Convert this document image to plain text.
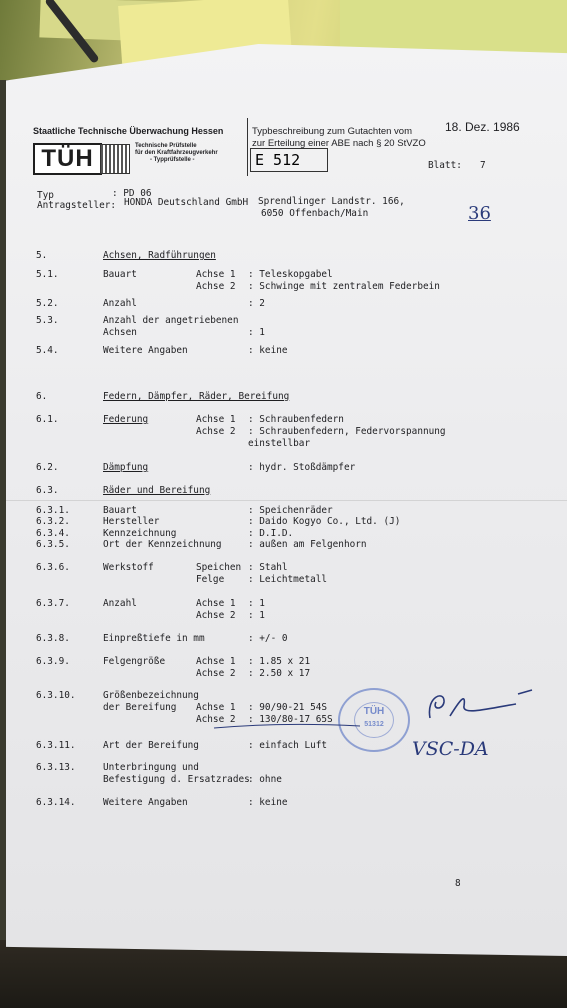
Staatliche Technische Überwachung Hessen
TÜH	Technische Prüfstelle
für den Kraftfahrzeugverkehr
- Typprüfstelle -
Typbeschreibung zum Gutachten vom	18. Dez. 1986
zur Erteilung einer ABE nach § 20 StVZO
E 512	Blatt: 7
Typ	: PD 06
Antragsteller: HONDA Deutschland GmbH Sprendlinger Landstr. 166,
6050 Offenbach/Main	36
5.	Achsen, Radführungen
5.1.	Bauart	Achse 1 : Teleskopgabel
Achse 2 : Schwinge mit zentralem Federbein
5.2.	Anzahl	: 2
5.3.	Anzahl der angetriebenen
Achsen	: 1
5.4.	Weitere Angaben	: keine
6.	Federn, Dämpfer, Räder, Bereifung
6.1.	Federung	Achse 1 : Schraubenfedern
Achse 2 : Schraubenfedern, Federvorspannung
einstellbar
6.2.	Dämpfung	: hydr. Stoßdämpfer
6.3.	Räder und Bereifung
6.3.1.	Bauart	: Speichenräder
6.3.2.	Hersteller	: Daido Kogyo Co., Ltd. (J)
6.3.4.	Kennzeichnung	: D.I.D.
6.3.5.	Ort der Kennzeichnung	: außen am Felgenhorn
6.3.6.	Werkstoff	Speichen : Stahl
Felge	: Leichtmetall
6.3.7.	Anzahl	Achse 1 : 1
Achse 2 : 1
6.3.8.	Einpreßtiefe in mm	: +/- 0
6.3.9.	Felgengröße	Achse 1 : 1.85 x 21
Achse 2 : 2.50 x 17
6.3.10.	Größenbezeichnung
der Bereifung Achse 1 : 90/90-21 54S
Achse 2 : 130/80-17 65S
6.3.11.	Art der Bereifung	: einfach Luft
6.3.13.	Unterbringung und
Befestigung d. Ersatzrades
: ohne
6.3.14.	Weitere Angaben	: keine
TÜH
51312
VSC-DA
8
